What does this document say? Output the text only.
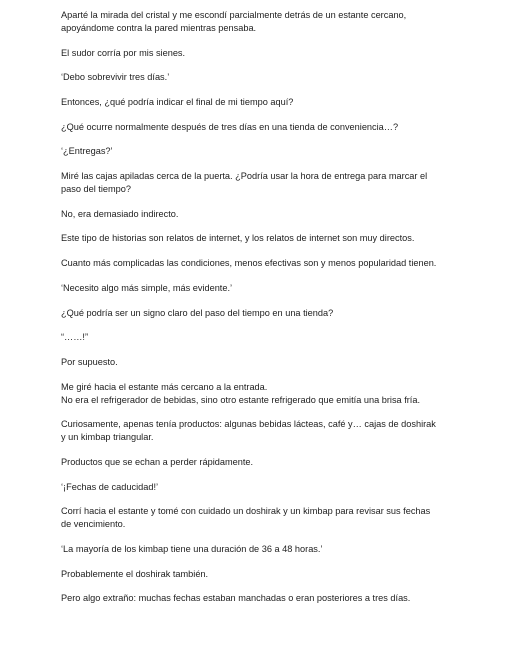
Aparté la mirada del cristal y me escondí parcialmente detrás de un estante cercano,
apoyándome contra la pared mientras pensaba.

El sudor corría por mis sienes.

‘Debo sobrevivir tres días.’

Entonces, ¿qué podría indicar el final de mi tiempo aquí?

¿Qué ocurre normalmente después de tres días en una tienda de conveniencia…?

‘¿Entregas?’

Miré las cajas apiladas cerca de la puerta. ¿Podría usar la hora de entrega para marcar el
paso del tiempo?

No, era demasiado indirecto.

Este tipo de historias son relatos de internet, y los relatos de internet son muy directos.

Cuanto más complicadas las condiciones, menos efectivas son y menos popularidad tienen.

‘Necesito algo más simple, más evidente.’

¿Qué podría ser un signo claro del paso del tiempo en una tienda?

“……!”

Por supuesto.

Me giré hacia el estante más cercano a la entrada.
No era el refrigerador de bebidas, sino otro estante refrigerado que emitía una brisa fría.

Curiosamente, apenas tenía productos: algunas bebidas lácteas, café y… cajas de doshirak
y un kimbap triangular.

Productos que se echan a perder rápidamente.

‘¡Fechas de caducidad!’

Corrí hacia el estante y tomé con cuidado un doshirak y un kimbap para revisar sus fechas
de vencimiento.

‘La mayoría de los kimbap tiene una duración de 36 a 48 horas.’

Probablemente el doshirak también.

Pero algo extraño: muchas fechas estaban manchadas o eran posteriores a tres días.
